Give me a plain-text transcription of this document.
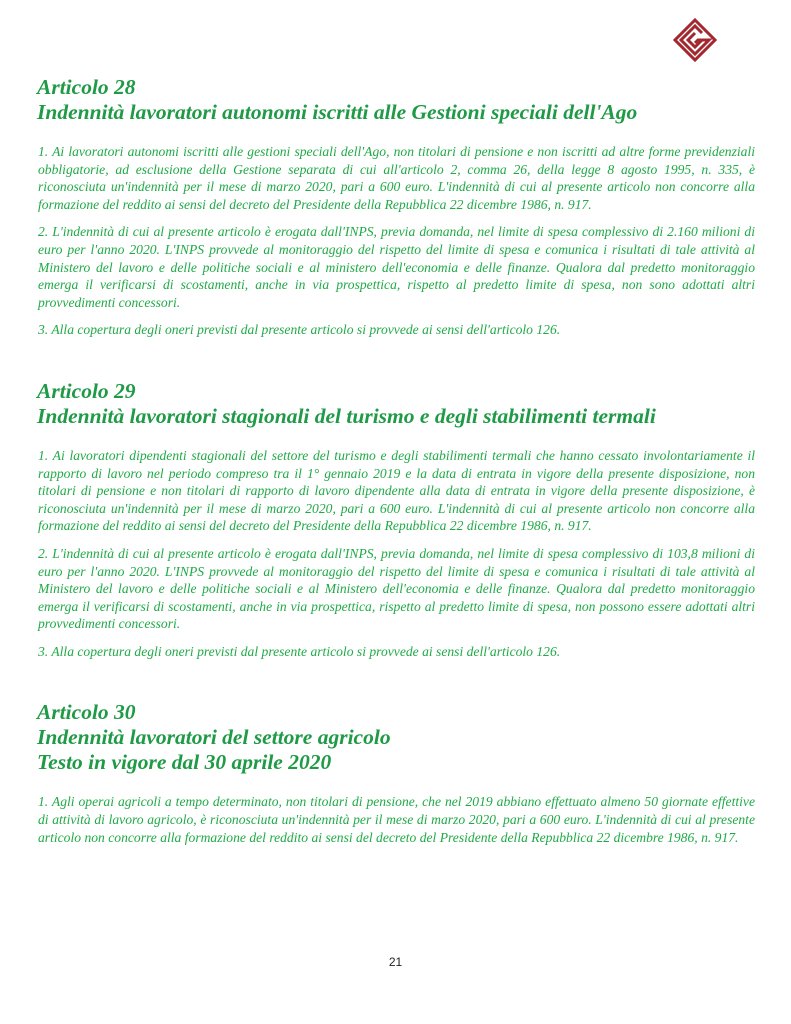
Articolo 28
Indennità lavoratori autonomi iscritti alle Gestioni speciali dell'Ago

1. Ai lavoratori autonomi iscritti alle gestioni speciali dell'Ago, non titolari di pensione e non iscritti ad altre forme previdenziali obbligatorie, ad esclusione della Gestione separata di cui all'articolo 2, comma 26, della legge 8 agosto 1995, n. 335, è riconosciuta un'indennità per il mese di marzo 2020, pari a 600 euro. L'indennità di cui al presente articolo non concorre alla formazione del reddito ai sensi del decreto del Presidente della Repubblica 22 dicembre 1986, n. 917.

2. L'indennità di cui al presente articolo è erogata dall'INPS, previa domanda, nel limite di spesa complessivo di 2.160 milioni di euro per l'anno 2020. L'INPS provvede al monitoraggio del rispetto del limite di spesa e comunica i risultati di tale attività al Ministero del lavoro e delle politiche sociali e al ministero dell'economia e delle finanze. Qualora dal predetto monitoraggio emerga il verificarsi di scostamenti, anche in via prospettica, rispetto al predetto limite di spesa, non sono adottati altri provvedimenti concessori.

3. Alla copertura degli oneri previsti dal presente articolo si provvede ai sensi dell'articolo 126.

Articolo 29
Indennità lavoratori stagionali del turismo e degli stabilimenti termali

1. Ai lavoratori dipendenti stagionali del settore del turismo e degli stabilimenti termali che hanno cessato involontariamente il rapporto di lavoro nel periodo compreso tra il 1° gennaio 2019 e la data di entrata in vigore della presente disposizione, non titolari di pensione e non titolari di rapporto di lavoro dipendente alla data di entrata in vigore della presente disposizione, è riconosciuta un'indennità per il mese di marzo 2020, pari a 600 euro. L'indennità di cui al presente articolo non concorre alla formazione del reddito ai sensi del decreto del Presidente della Repubblica 22 dicembre 1986, n. 917.

2. L'indennità di cui al presente articolo è erogata dall'INPS, previa domanda, nel limite di spesa complessivo di 103,8 milioni di euro per l'anno 2020. L'INPS provvede al monitoraggio del rispetto del limite di spesa e comunica i risultati di tale attività al Ministero del lavoro e delle politiche sociali e al Ministero dell'economia e delle finanze. Qualora dal predetto monitoraggio emerga il verificarsi di scostamenti, anche in via prospettica, rispetto al predetto limite di spesa, non possono essere adottati altri provvedimenti concessori.

3. Alla copertura degli oneri previsti dal presente articolo si provvede ai sensi dell'articolo 126.

Articolo 30
Indennità lavoratori del settore agricolo
Testo in vigore dal 30 aprile 2020

1. Agli operai agricoli a tempo determinato, non titolari di pensione, che nel 2019 abbiano effettuato almeno 50 giornate effettive di attività di lavoro agricolo, è riconosciuta un'indennità per il mese di marzo 2020, pari a 600 euro. L'indennità di cui al presente articolo non concorre alla formazione del reddito ai sensi del decreto del Presidente della Repubblica 22 dicembre 1986, n. 917.

21
